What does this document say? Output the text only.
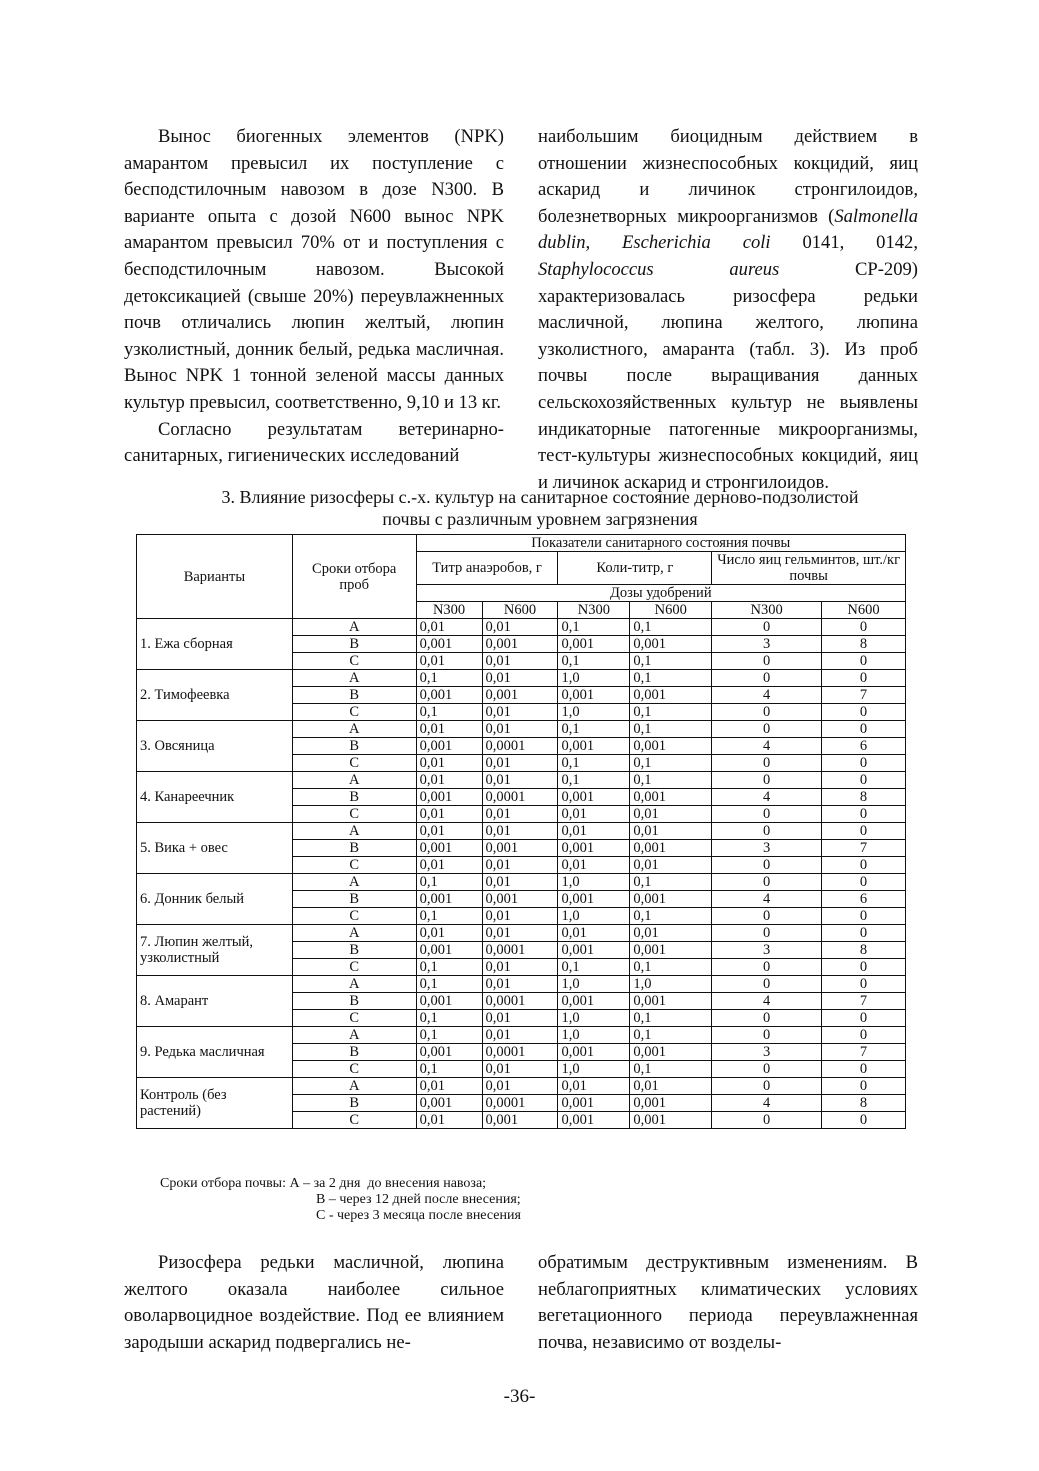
Вынос биогенных элементов (NPK) амарантом превысил их поступление с бесподстилочным навозом в дозе N300. В варианте опыта с дозой N600 вынос NPK амарантом превысил 70% от и поступления с бесподстилочным навозом. Высокой детоксикацией (свыше 20%) переувлажненных почв отличались люпин желтый, люпин узколистный, донник белый, редька масличная. Вынос NPK 1 тонной зеленой массы данных культур превысил, соответственно, 9,10 и 13 кг.

Согласно результатам ветеринарно-санитарных, гигиенических исследований

наибольшим биоцидным действием в отношении жизнеспособных кокцидий, яиц аскарид и личинок стронгилоидов, болезнетворных микроорганизмов (Salmonella dublin, Escherichia coli 0141, 0142, Staphylococcus aureus СР-209) характеризовалась ризосфера редьки масличной, люпина желтого, люпина узколистного, амаранта (табл. 3). Из проб почвы после выращивания данных сельскохозяйственных культур не выявлены индикаторные патогенные микроорганизмы, тест-культуры жизнеспособных кокцидий, яиц и личинок аскарид и стронгилоидов.

3. Влияние ризосферы с.-х. культур на санитарное состояние дерново-подзолистой
почвы с различным уровнем загрязнения
Варианты	Сроки отбора проб	Показатели санитарного состояния почвы					
		Титр анаэробов, г		Коли-титр, г		Число яиц гельминтов, шт./кг почвы	
		Дозы удобрений					
		N300	N600	N300	N600	N300	N600
1. Ежа сборная	A	0,01	0,01	0,1	0,1	0	0
	B	0,001	0,001	0,001	0,001	3	8
	C	0,01	0,01	0,1	0,1	0	0
2. Тимофеевка	A	0,1	0,01	1,0	0,1	0	0
	B	0,001	0,001	0,001	0,001	4	7
	C	0,1	0,01	1,0	0,1	0	0
3. Овсяница	A	0,01	0,01	0,1	0,1	0	0
	B	0,001	0,0001	0,001	0,001	4	6
	C	0,01	0,01	0,1	0,1	0	0
4. Канареечник	A	0,01	0,01	0,1	0,1	0	0
	B	0,001	0,0001	0,001	0,001	4	8
	C	0,01	0,01	0,01	0,01	0	0
5. Вика + овес	A	0,01	0,01	0,01	0,01	0	0
	B	0,001	0,001	0,001	0,001	3	7
	C	0,01	0,01	0,01	0,01	0	0
6. Донник белый	A	0,1	0,01	1,0	0,1	0	0
	B	0,001	0,001	0,001	0,001	4	6
	C	0,1	0,01	1,0	0,1	0	0
7. Люпин желтый, узколистный	A	0,01	0,01	0,01	0,01	0	0
	B	0,001	0,0001	0,001	0,001	3	8
	C	0,1	0,01	0,1	0,1	0	0
8. Амарант	A	0,1	0,01	1,0	1,0	0	0
	B	0,001	0,0001	0,001	0,001	4	7
	C	0,1	0,01	1,0	0,1	0	0
9. Редька масличная	A	0,1	0,01	1,0	0,1	0	0
	B	0,001	0,0001	0,001	0,001	3	7
	C	0,1	0,01	1,0	0,1	0	0
Контроль (без растений)	A	0,01	0,01	0,01	0,01	0	0
	B	0,001	0,0001	0,001	0,001	4	8
	C	0,01	0,001	0,001	0,001	0	0
Сроки отбора почвы: А – за 2 дня  до внесения навоза;
В – через 12 дней после внесения;
С - через 3 месяца после внесения

Ризосфера редьки масличной, люпина желтого оказала наиболее сильное оволарвоцидное воздействие. Под ее влиянием зародыши аскарид подвергались не-

обратимым деструктивным изменениям. В неблагоприятных климатических условиях вегетационного периода переувлажненная почва, независимо от возделы-

-36-
